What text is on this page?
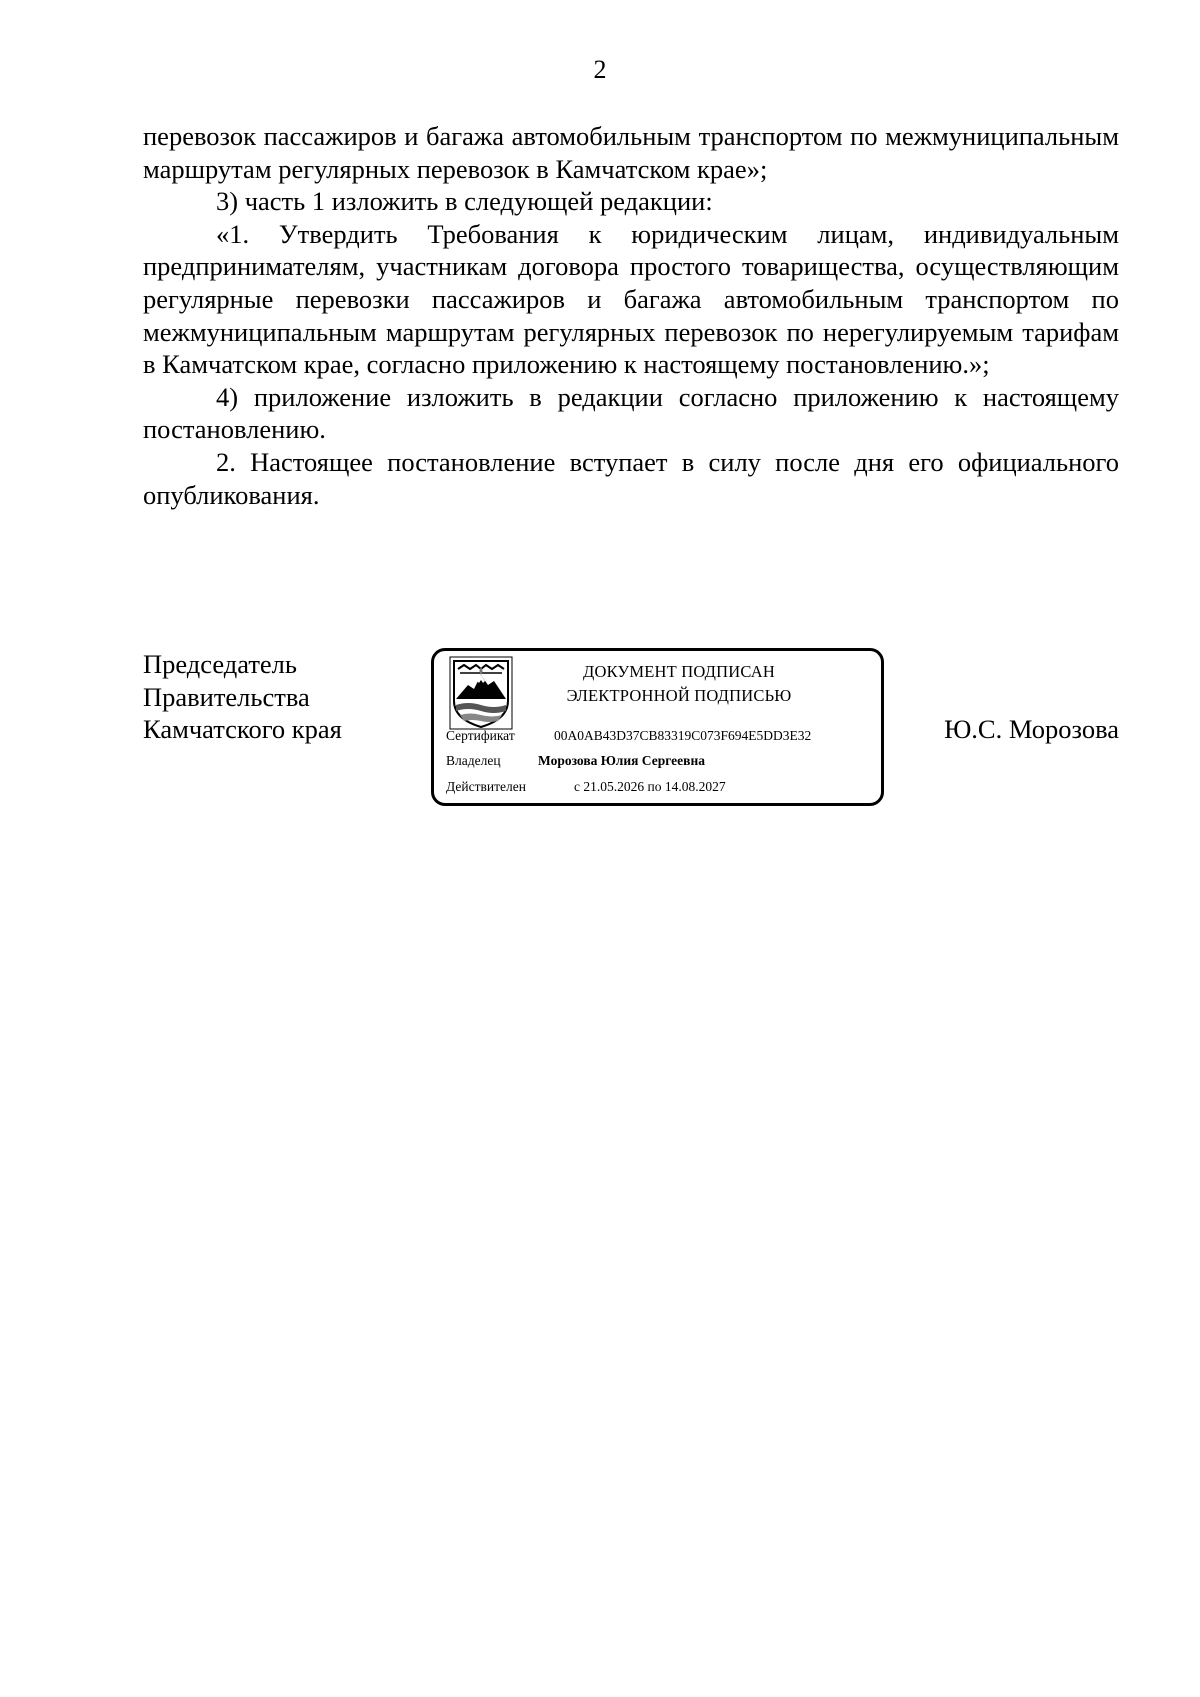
2

перевозок пассажиров и багажа автомобильным транспортом по межмуниципальным маршрутам регулярных перевозок в Камчатском крае»;

3) часть 1 изложить в следующей редакции:

«1. Утвердить Требования к юридическим лицам, индивидуальным предпринимателям, участникам договора простого товарищества, осуществляющим регулярные перевозки пассажиров и багажа автомобильным транспортом по межмуниципальным маршрутам регулярных перевозок по нерегулируемым тарифам в Камчатском крае, согласно приложению к настоящему постановлению.»;

4) приложение изложить в редакции согласно приложению к настоящему постановлению.

2. Настоящее постановление вступает в силу после дня его официального опубликования.

Председатель
Правительства
Камчатского края
ДОКУМЕНТ ПОДПИСАН
ЭЛЕКТРОННОЙ ПОДПИСЬЮ
Сертификат	00A0AB43D37CB83319C073F694E5DD3E32
Владелец	Морозова Юлия Сергеевна
Действителен	с 21.05.2026 по 14.08.2027
Ю.С. Морозова
